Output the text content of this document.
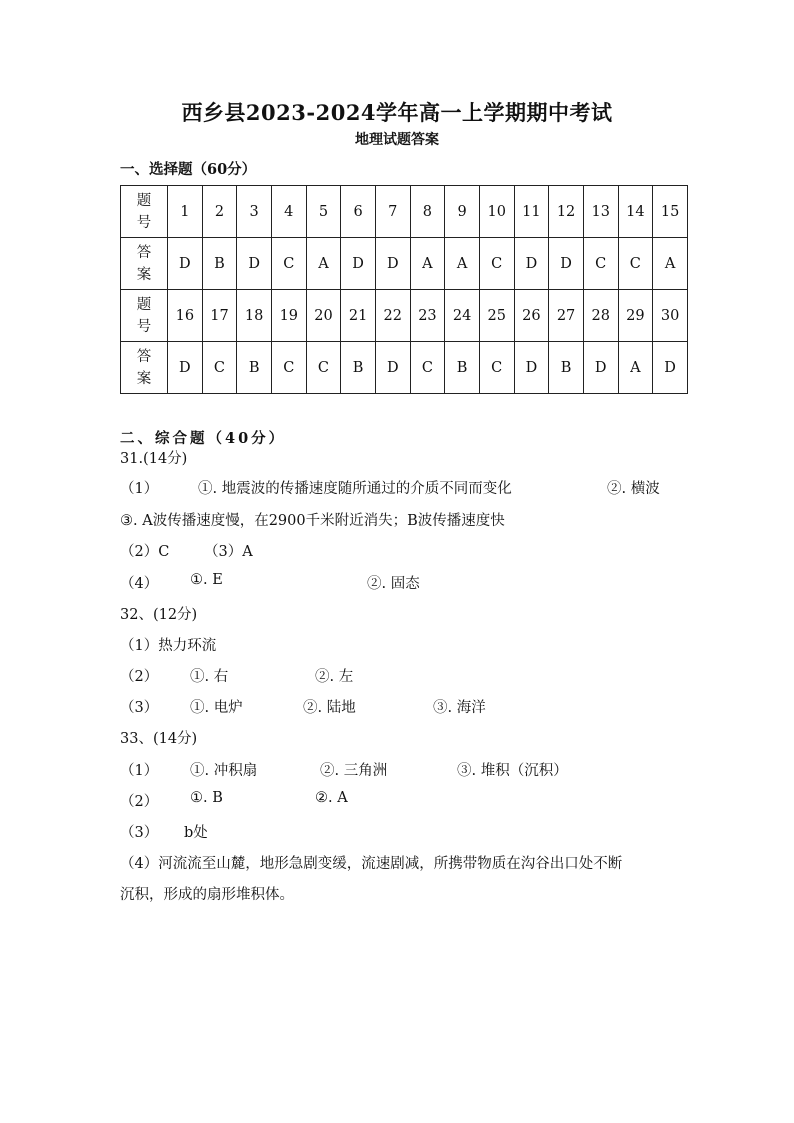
西乡县2023-2024学年高一上学期期中考试
地理试题答案
一、选择题（60分）
题
号	1	2	3	4	5	6	7	8	9	10	11	12	13	14	15
答
案	D	B	D	C	A	D	D	A	A	C	D	D	C	C	A
题
号	16	17	18	19	20	21	22	23	24	25	26	27	28	29	30
答
案	D	C	B	C	C	B	D	C	B	C	D	B	D	A	D
二、综合题（40分）
31.(14分)
（1）	①. 地震波的传播速度随所通过的介质不同而变化	②. 横波
③. A波传播速度慢，在2900千米附近消失；B波传播速度快
（2）C （3）A
（4） ①. E	②. 固态
32、(12分)
（1）热力环流
（2） ①. 右	②. 左
（3） ①. 电炉	②. 陆地	③. 海洋
33、(14分)
（1） ①. 冲积扇	②. 三角洲	③. 堆积（沉积）
（2） ①. B	②. A
（3） b处
（4）河流流至山麓，地形急剧变缓，流速剧减，所携带物质在沟谷出口处不断
沉积，形成的扇形堆积体。
